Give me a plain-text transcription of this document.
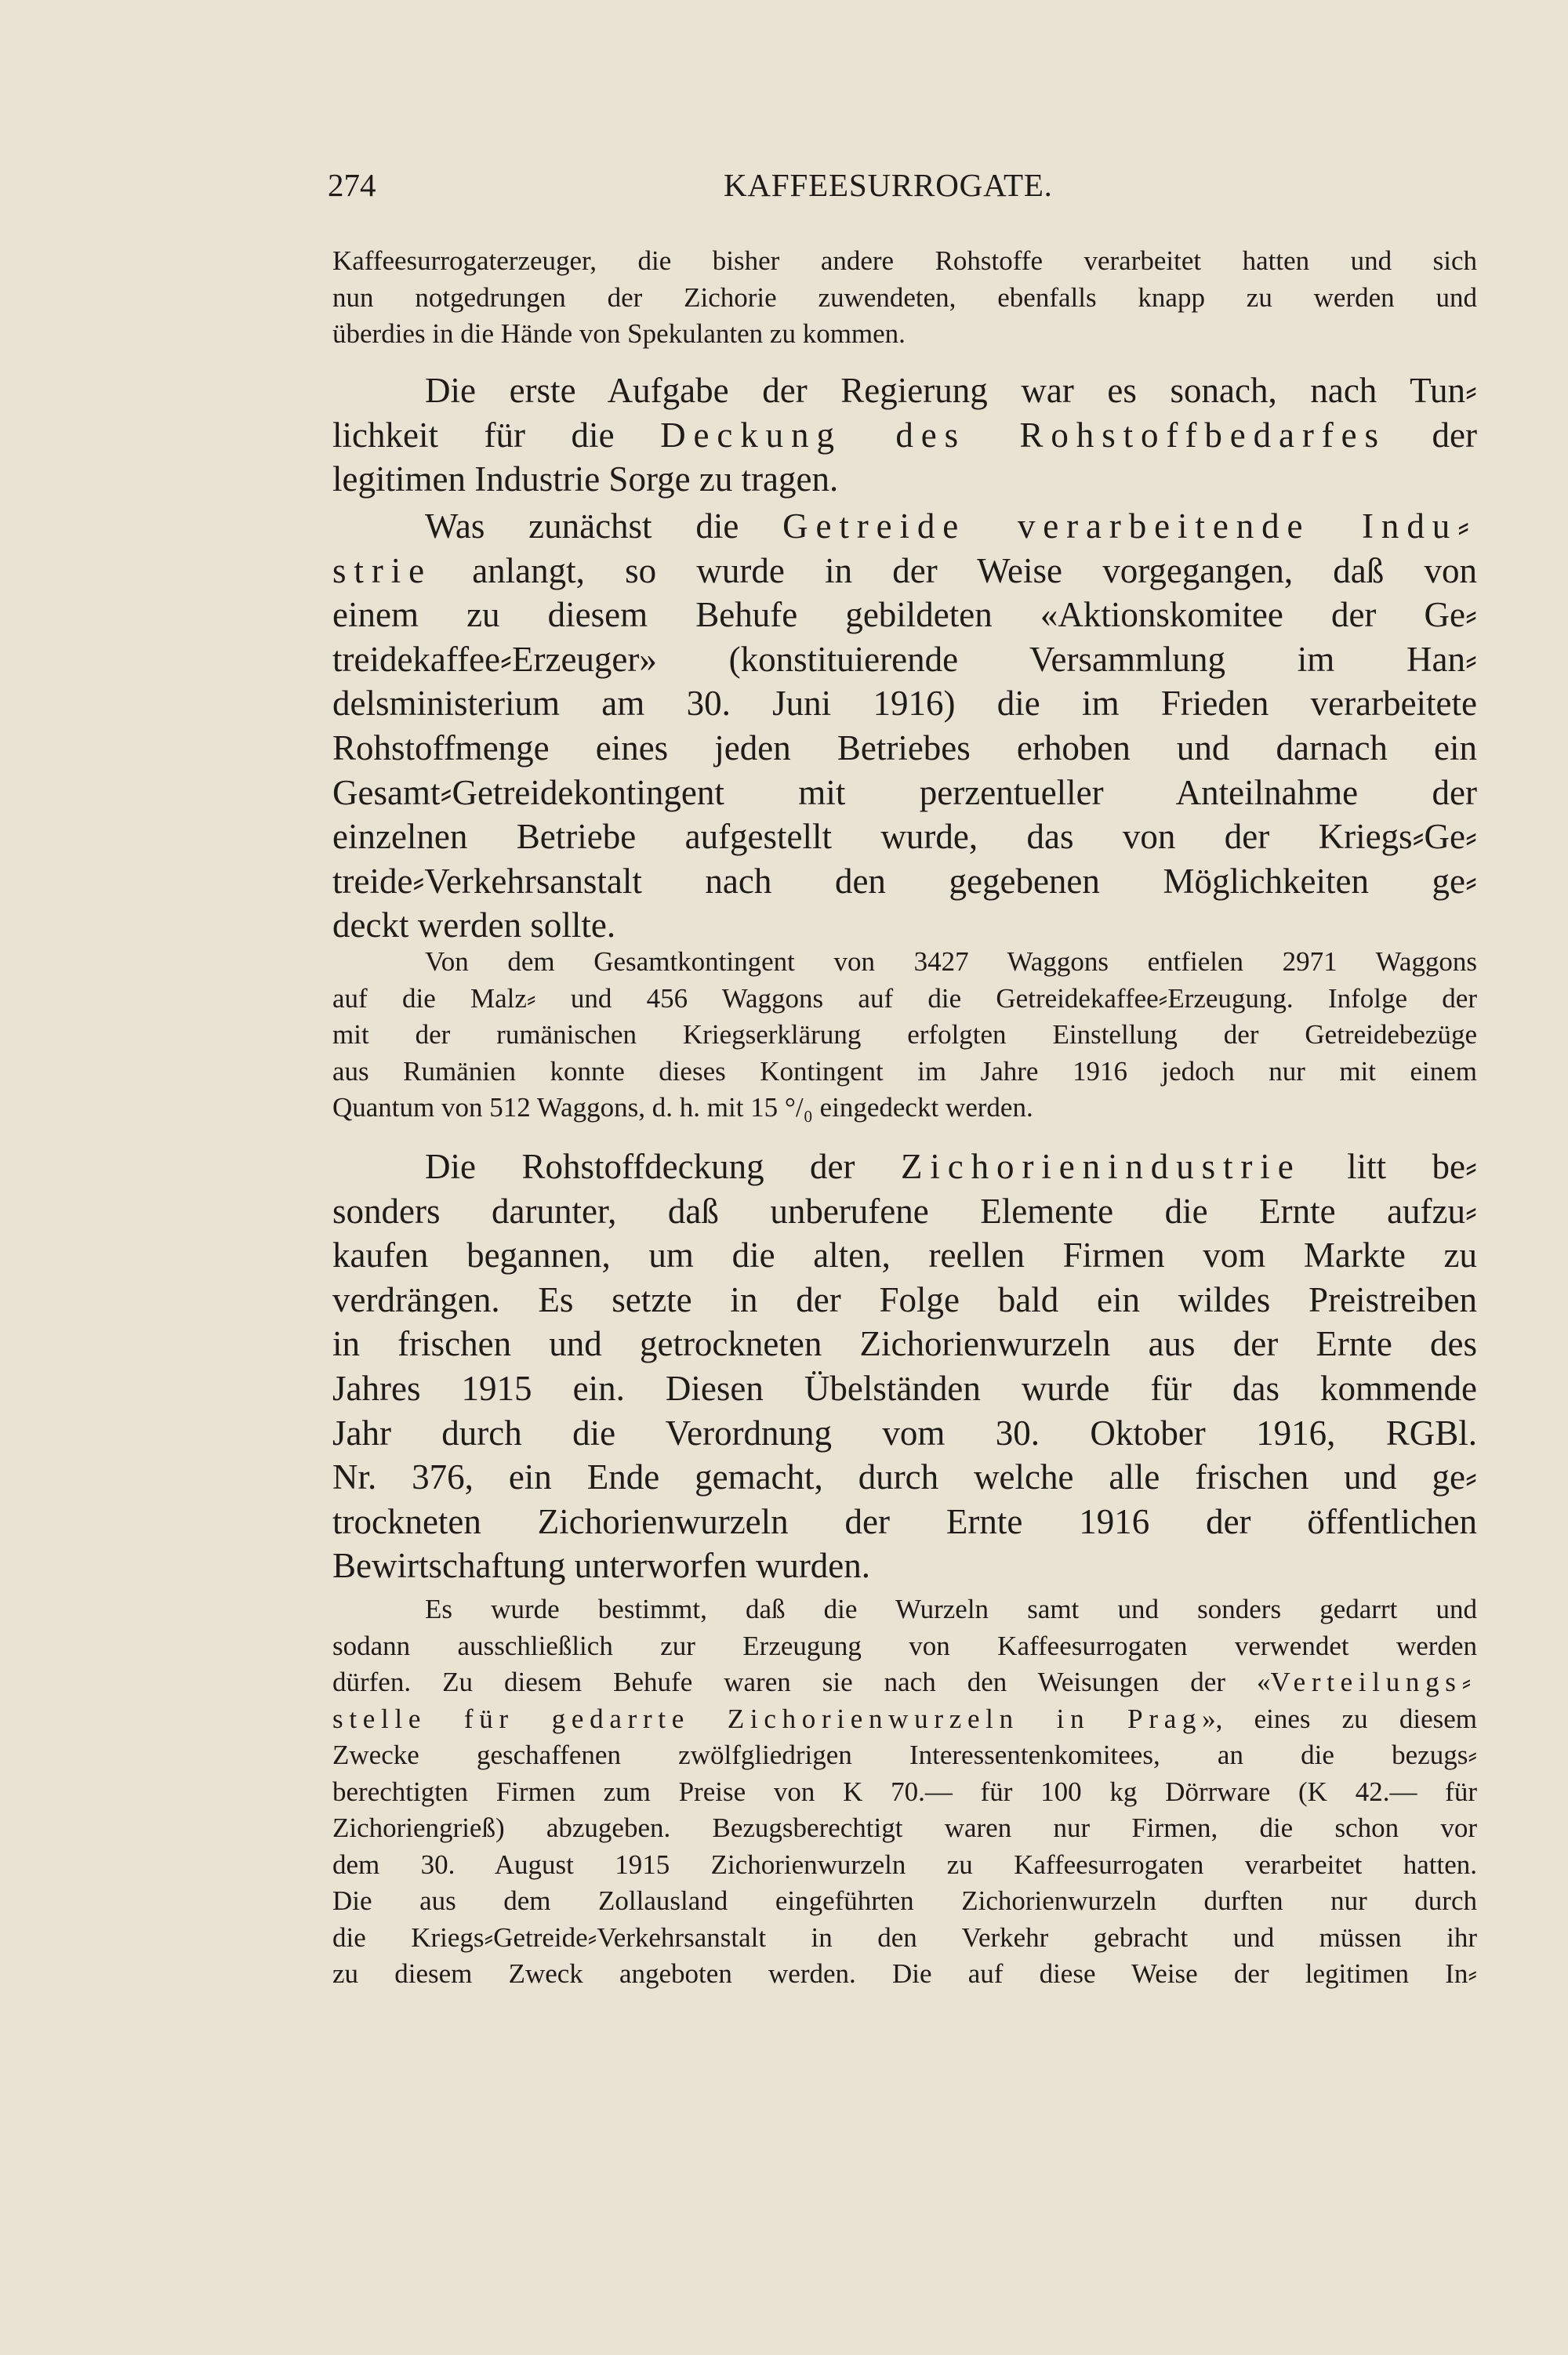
274	KAFFEESURROGATE.
Kaffeesurrogaterzeuger, die bisher andere Rohstoffe verarbeitet hatten und sich
nun notgedrungen der Zichorie zuwendeten, ebenfalls knapp zu werden und
überdies in die Hände von Spekulanten zu kommen.
Die erste Aufgabe der Regierung war es sonach, nach Tun⸗
lichkeit für die Deckung des Rohstoffbedarfes der
legitimen Industrie Sorge zu tragen.
Was zunächst die Getreide verarbeitende Indu⸗
strie anlangt, so wurde in der Weise vorgegangen, daß von
einem zu diesem Behufe gebildeten «Aktionskomitee der Ge⸗
treidekaffee⸗Erzeuger» (konstituierende Versammlung im Han⸗
delsministerium am 30. Juni 1916) die im Frieden verarbeitete
Rohstoffmenge eines jeden Betriebes erhoben und darnach ein
Gesamt⸗Getreidekontingent mit perzentueller Anteilnahme der
einzelnen Betriebe aufgestellt wurde, das von der Kriegs⸗Ge⸗
treide⸗Verkehrsanstalt nach den gegebenen Möglichkeiten ge⸗
deckt werden sollte.
Von dem Gesamtkontingent von 3427 Waggons entfielen 2971 Waggons
auf die Malz⸗ und 456 Waggons auf die Getreidekaffee⸗Erzeugung. Infolge der
mit der rumänischen Kriegserklärung erfolgten Einstellung der Getreidebezüge
aus Rumänien konnte dieses Kontingent im Jahre 1916 jedoch nur mit einem
Quantum von 512 Waggons, d. h. mit 15 °/₀ eingedeckt werden.
Die Rohstoffdeckung der Zichorienindustrie litt be⸗
sonders darunter, daß unberufene Elemente die Ernte aufzu⸗
kaufen begannen, um die alten, reellen Firmen vom Markte zu
verdrängen. Es setzte in der Folge bald ein wildes Preistreiben
in frischen und getrockneten Zichorienwurzeln aus der Ernte des
Jahres 1915 ein. Diesen Übelständen wurde für das kommende
Jahr durch die Verordnung vom 30. Oktober 1916, RGBl.
Nr. 376, ein Ende gemacht, durch welche alle frischen und ge⸗
trockneten Zichorienwurzeln der Ernte 1916 der öffentlichen
Bewirtschaftung unterworfen wurden.
Es wurde bestimmt, daß die Wurzeln samt und sonders gedarrt und
sodann ausschließlich zur Erzeugung von Kaffeesurrogaten verwendet werden
dürfen. Zu diesem Behufe waren sie nach den Weisungen der «Verteilungs⸗
stelle für gedarrte Zichorienwurzeln in Prag», eines zu diesem
Zwecke geschaffenen zwölfgliedrigen Interessentenkomitees, an die bezugs⸗
berechtigten Firmen zum Preise von K 70.— für 100 kg Dörrware (K 42.— für
Zichoriengrieß) abzugeben. Bezugsberechtigt waren nur Firmen, die schon vor
dem 30. August 1915 Zichorienwurzeln zu Kaffeesurrogaten verarbeitet hatten.
Die aus dem Zollausland eingeführten Zichorienwurzeln durften nur durch
die Kriegs⸗Getreide⸗Verkehrsanstalt in den Verkehr gebracht und müssen ihr
zu diesem Zweck angeboten werden. Die auf diese Weise der legitimen In⸗
